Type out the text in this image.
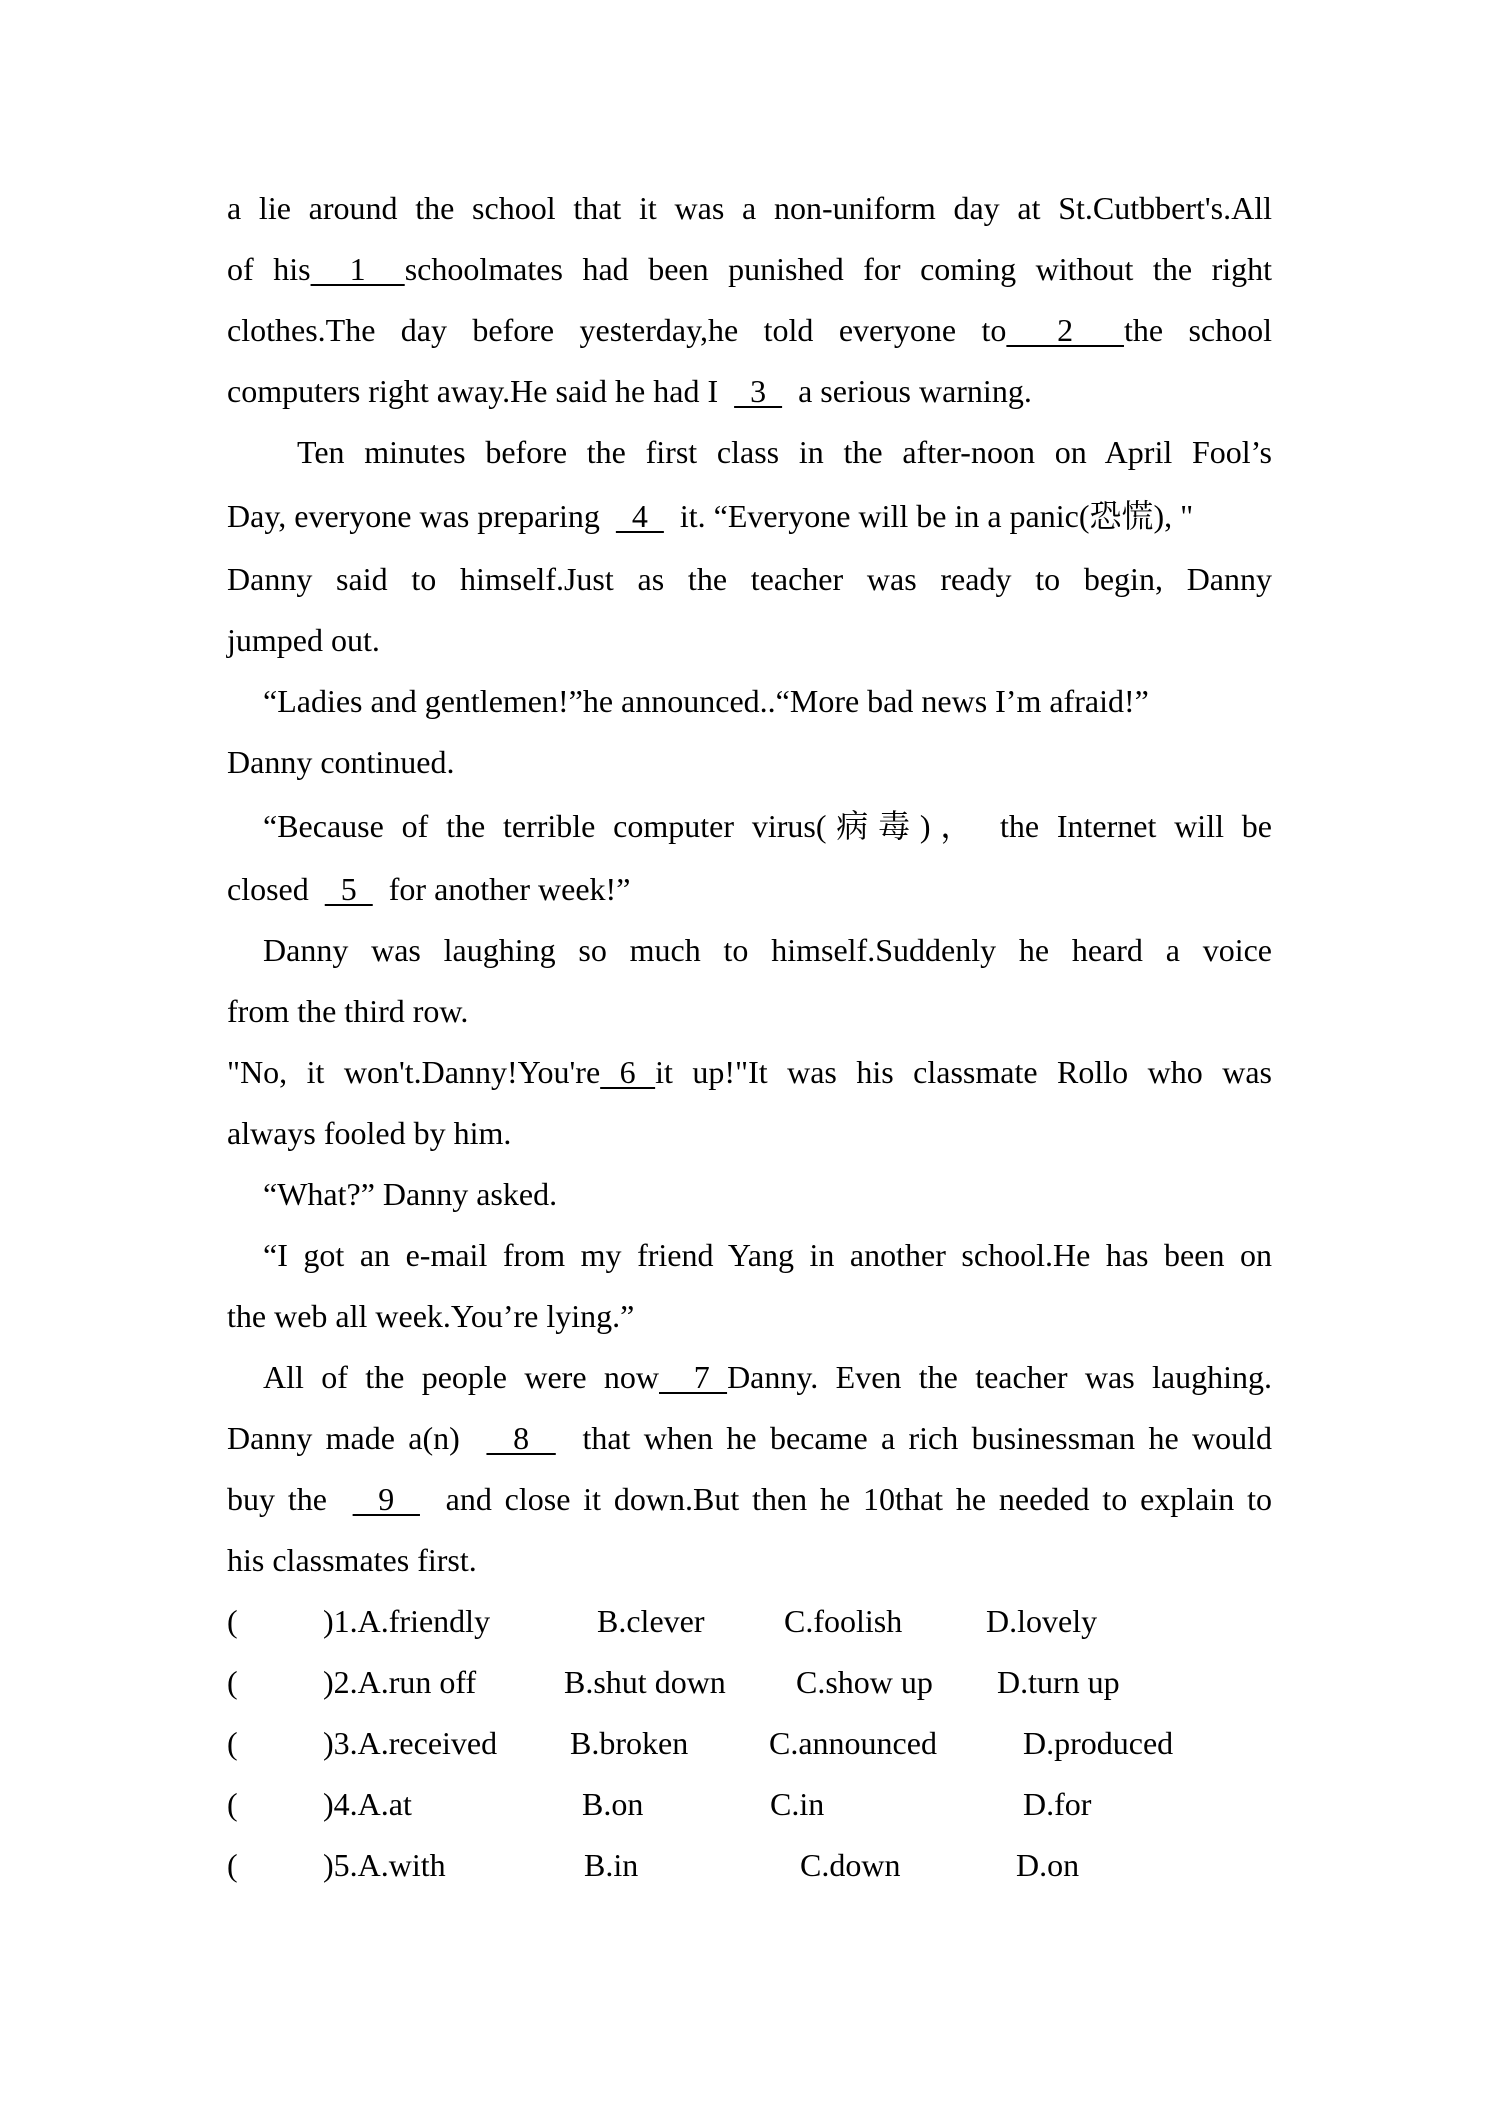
a lie around the school that it was a non-uniform day at St.Cutbbert's.All
of his  1  schoolmates had been punished for coming without the right
clothes.The day before yesterday,he told everyone to  2  the school
computers right away.He said he had I    3    a serious warning.
Ten minutes before the first class in the after-noon on April Fool’s
Day, everyone was preparing    4    it. “Everyone will be in a panic(恐慌), "
Danny said to himself.Just as the teacher was ready to begin, Danny
jumped out.
“Ladies and gentlemen!”he announced..“More bad news I’m afraid!”
Danny continued.
“Because of the terrible computer virus(病毒)， the Internet will be
closed    5    for another week!”
Danny was laughing so much to himself.Suddenly he heard a voice
from the third row.
"No, it won't.Danny!You're 6 it up!"It was his classmate Rollo who was
always fooled by him.
“What?” Danny asked.
“I got an e-mail from my friend Yang in another school.He has been on
the web all week.You’re lying.”
All of the people were now  7 Danny. Even the teacher was laughing.
Danny made a(n)    8    that when he became a rich businessman he would
buy the    9    and close it down.But then he 10that he needed to explain to
his classmates first.
(	)1.A.friendly	B.clever C.foolish	D.lovely
(	)2.A.run off	B.shut down C.show up D.turn up
(	)3.A.received B.broken	C.announced	D.produced
(	)4.A.at	B.on	C.in	D.for
(	)5.A.with	B.in	C.down	D.on
